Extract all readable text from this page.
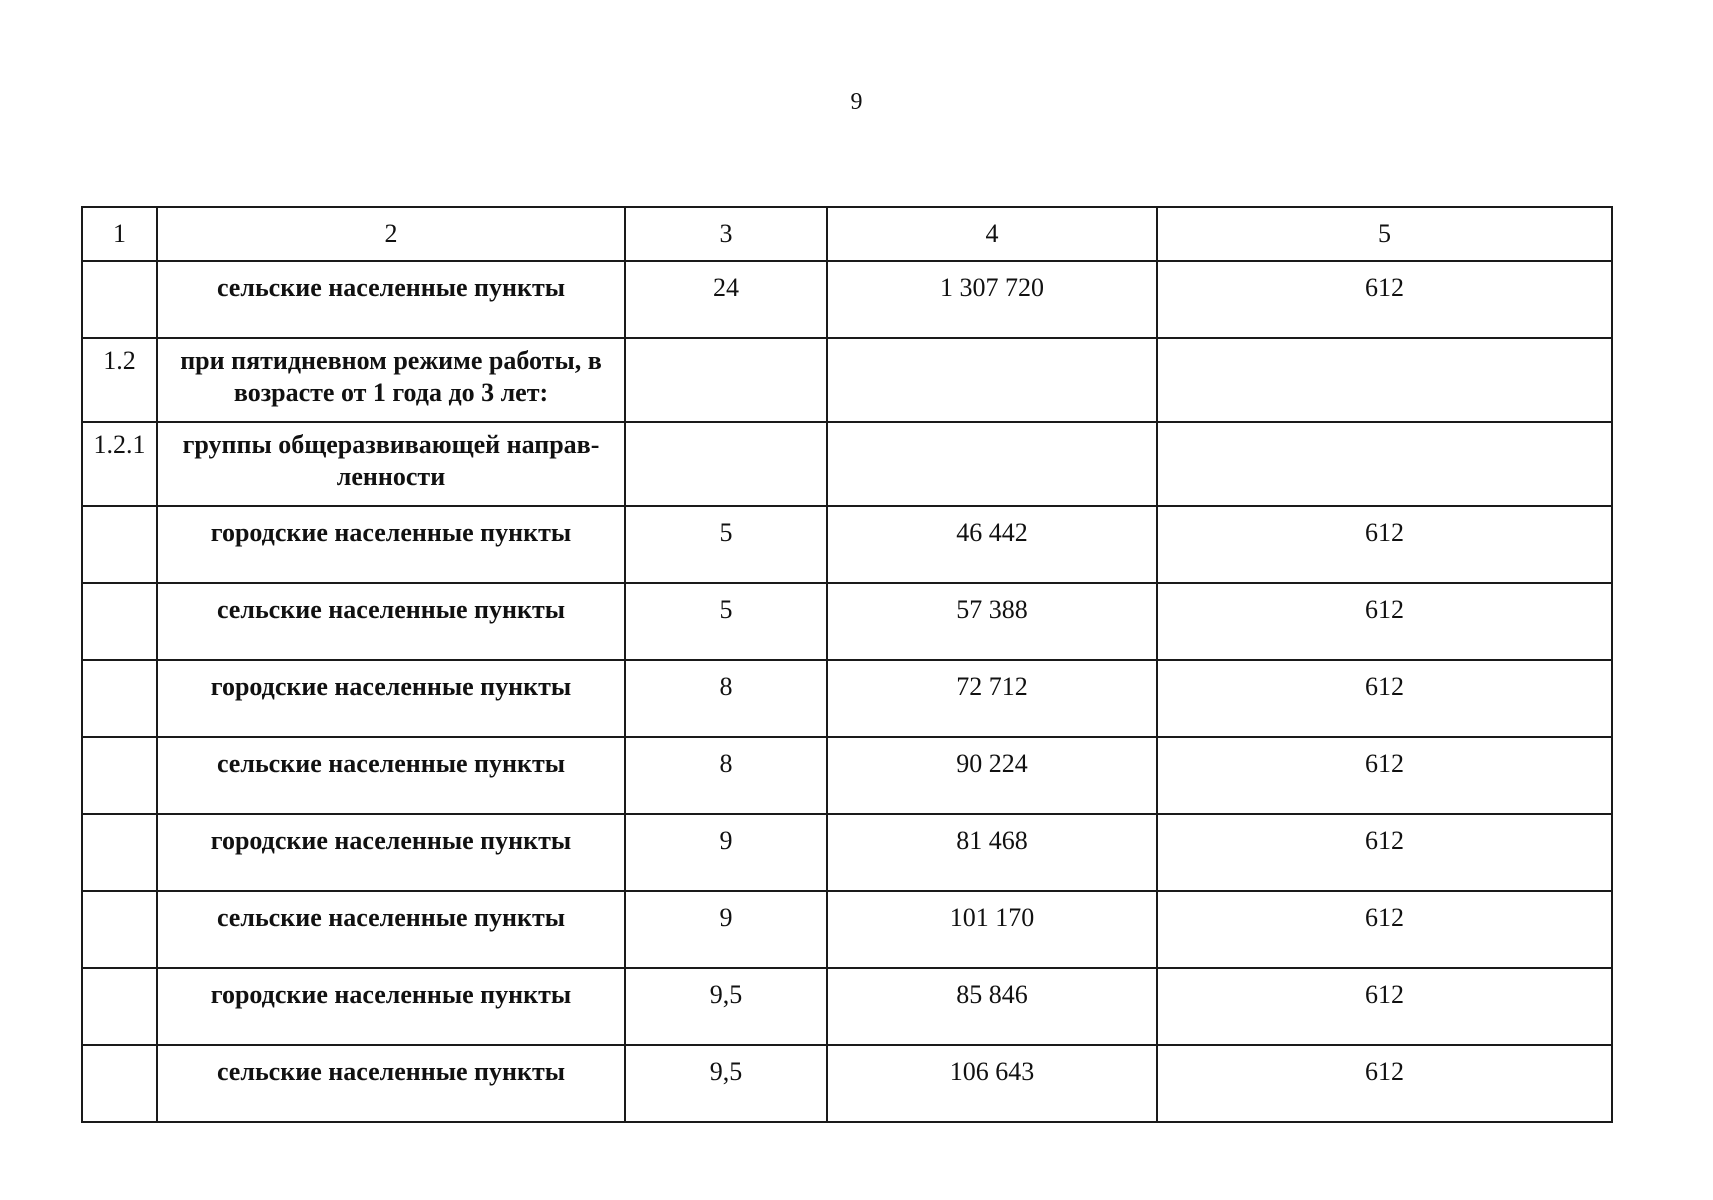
9
1	2	3	4	5
	сельские населенные пункты	24	1 307 720	612
1.2	при пятидневном режиме работы, в возрасте от 1 года до 3 лет:			
1.2.1	группы общеразвивающей направ-ленности			
	городские населенные пункты	5	46 442	612
	сельские населенные пункты	5	57 388	612
	городские населенные пункты	8	72 712	612
	сельские населенные пункты	8	90 224	612
	городские населенные пункты	9	81 468	612
	сельские населенные пункты	9	101 170	612
	городские населенные пункты	9,5	85 846	612
	сельские населенные пункты	9,5	106 643	612
